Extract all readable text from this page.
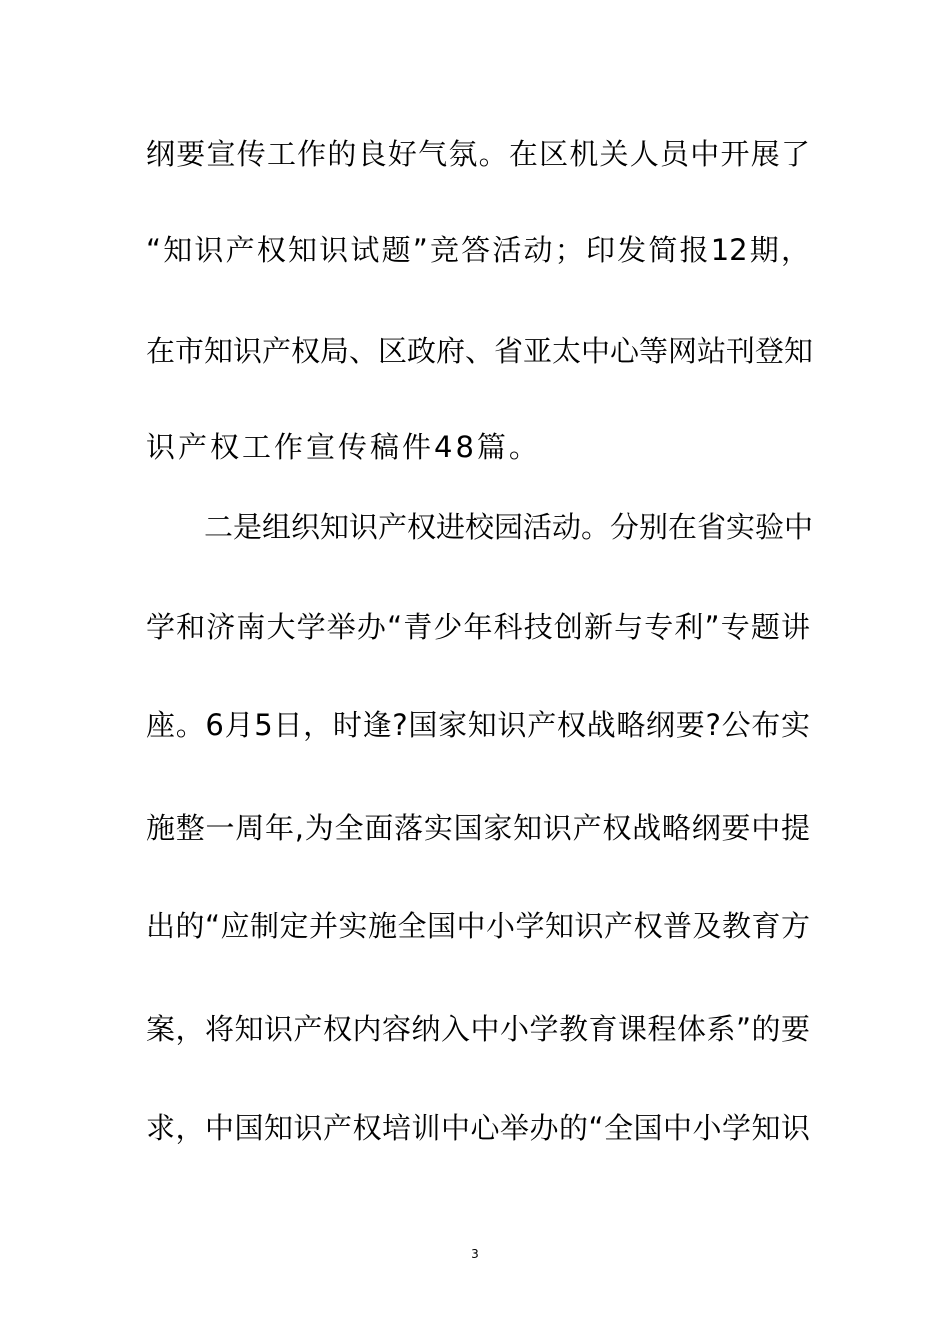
纲要宣传工作的良好气氛。在区机关人员中开展了
“知识产权知识试题”竞答活动；印发简报12期，
在市知识产权局、区政府、省亚太中心等网站刊登知
识产权工作宣传稿件48篇。
二是组织知识产权进校园活动。分别在省实验中
学和济南大学举办“青少年科技创新与专利”专题讲
座。6月5日，时逢?国家知识产权战略纲要?公布实
施整一周年,为全面落实国家知识产权战略纲要中提
出的“应制定并实施全国中小学知识产权普及教育方
案，将知识产权内容纳入中小学教育课程体系”的要
求，中国知识产权培训中心举办的“全国中小学知识
3
